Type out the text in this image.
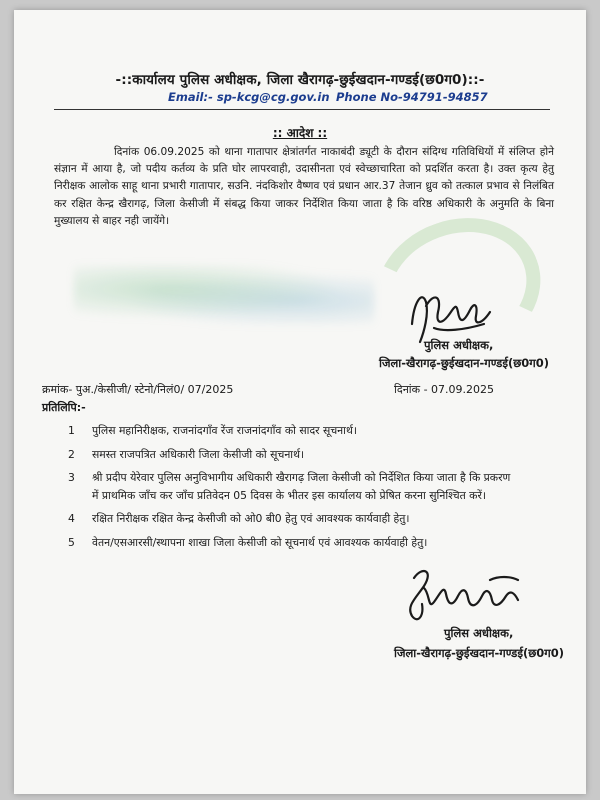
-::कार्यालय पुलिस अधीक्षक, जिला खैरागढ़-छुईखदान-गण्डई(छ0ग0)::-
Email:- sp-kcg@cg.gov.in Phone No-94791-94857
:: आदेश ::
दिनांक 06.09.2025 को थाना गातापार क्षेत्रांतर्गत नाकाबंदी ड्यूटी के दौरान संदिग्ध गतिविधियों में संलिप्त होने संज्ञान में आया है, जो पदीय कर्तव्य के प्रति घोर लापरवाही, उदासीनता एवं स्वेच्छाचारिता को प्रदर्शित करता है। उक्त कृत्य हेतु निरीक्षक आलोक साहू थाना प्रभारी गातापार, सउनि. नंदकिशोर वैष्णव एवं प्रधान आर.37 तेजान ध्रुव को तत्काल प्रभाव से निलंबित कर रक्षित केन्द्र खैरागढ़, जिला केसीजी में संबद्ध किया जाकर निर्देशित किया जाता है कि वरिष्ठ अधिकारी के अनुमति के बिना मुख्यालय से बाहर नही जायेंगे।
पुलिस अधीक्षक,
जिला-खैरागढ़-छुईखदान-गण्डई(छ0ग0)
क्रमांक- पुअ./केसीजी/ स्टेनो/निलं0/ 07/2025	दिनांक - 07.09.2025
प्रतिलिपि:-
1 पुलिस महानिरीक्षक, राजनांदगाँव रेंज राजनांदगाँव को सादर सूचनार्थ।
2 समस्त राजपत्रित अधिकारी जिला केसीजी को सूचनार्थ।
3 श्री प्रदीप येरेवार पुलिस अनुविभागीय अधिकारी खैरागढ़ जिला केसीजी को निर्देशित किया जाता है कि प्रकरण में प्राथमिक जाँच कर जाँच प्रतिवेदन 05 दिवस के भीतर इस कार्यालय को प्रेषित करना सुनिश्चित करें।
4 रक्षित निरीक्षक रक्षित केन्द्र केसीजी को ओ0 बी0 हेतु एवं आवश्यक कार्यवाही हेतु।
5 वेतन/एसआरसी/स्थापना शाखा जिला केसीजी को सूचनार्थ एवं आवश्यक कार्यवाही हेतु।
पुलिस अधीक्षक,
जिला-खैरागढ़-छुईखदान-गण्डई(छ0ग0)
